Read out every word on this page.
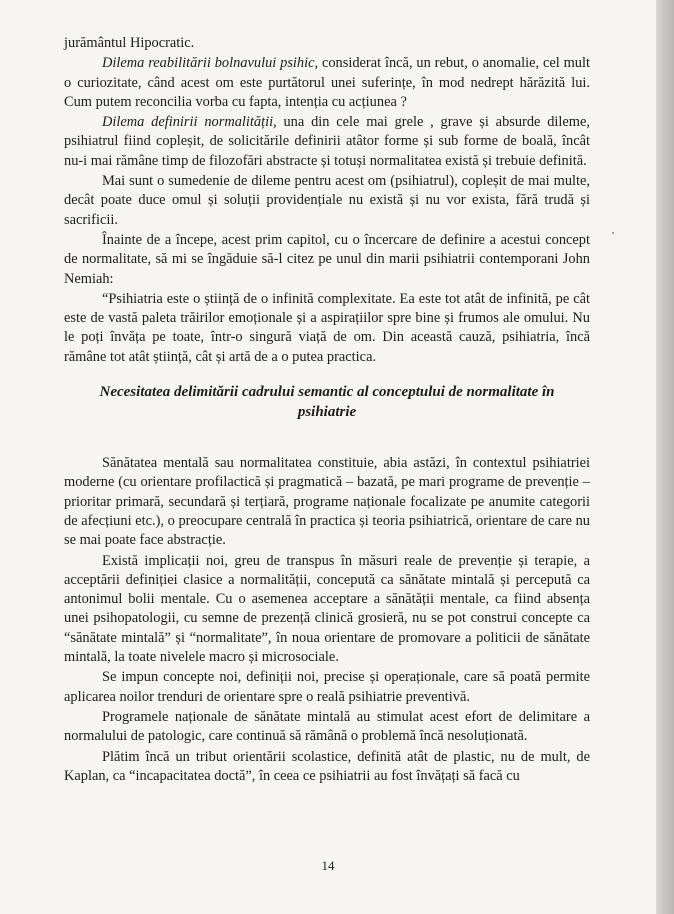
jurământul Hipocratic.

Dilema reabilitării bolnavului psihic, considerat încă, un rebut, o anomalie, cel mult o curiozitate, când acest om este purtătorul unei suferințe, în mod nedrept hărăzită lui. Cum putem reconcilia vorba cu fapta, intenția cu acțiunea ?

Dilema definirii normalității, una din cele mai grele , grave și absurde dileme, psihiatrul fiind copleșit, de solicitările definirii atâtor forme și sub forme de boală, încât nu-i mai rămâne timp de filozofări abstracte și totuși normalitatea există și trebuie definită.

Mai sunt o sumedenie de dileme pentru acest om (psihiatrul), copleșit de mai multe, decât poate duce omul și soluții providențiale nu există și nu vor exista, fără trudă și sacrificii.

Înainte de a începe, acest prim capitol, cu o încercare de definire a acestui concept de normalitate, să mi se îngăduie să-l citez pe unul din marii psihiatrii contemporani John Nemiah:

“Psihiatria este o știință de o infinită complexitate. Ea este tot atât de infinită, pe cât este de vastă paleta trăirilor emoționale și a aspirațiilor spre bine și frumos ale omului. Nu le poți învăța pe toate, într-o singură viață de om. Din această cauză, psihiatria, încă rămâne tot atât știință, cât și artă de a o putea practica.

Necesitatea delimitării cadrului semantic al conceptului de normalitate în psihiatrie

Sănătatea mentală sau normalitatea constituie, abia astăzi, în contextul psihiatriei moderne (cu orientare profilactică și pragmatică – bazată, pe mari programe de prevenție – prioritar primară, secundară și terțiară, programe naționale focalizate pe anumite categorii de afecțiuni etc.), o preocupare centrală în practica și teoria psihiatrică, orientare de care nu se mai poate face abstracție.

Există implicații noi, greu de transpus în măsuri reale de prevenție și terapie, a acceptării definiției clasice a normalității, concepută ca sănătate mintală și percepută ca antonimul bolii mentale. Cu o asemenea acceptare a sănătății mentale, ca fiind absența unei psihopatologii, cu semne de prezență clinică grosieră, nu se pot construi concepte ca “sănătate mintală” și “normalitate”, în noua orientare de promovare a politicii de sănătate mintală, la toate nivelele macro și microsociale.

Se impun concepte noi, definiții noi, precise și operaționale, care să poată permite aplicarea noilor trenduri de orientare spre o reală psihiatrie preventivă.

Programele naționale de sănătate mintală au stimulat acest efort de delimitare a normalului de patologic, care continuă să rămână o problemă încă nesoluționată.

Plătim încă un tribut orientării scolastice, definită atât de plastic, nu de mult, de Kaplan, ca “incapacitatea doctă”, în ceea ce psihiatrii au fost învățați să facă cu

14
